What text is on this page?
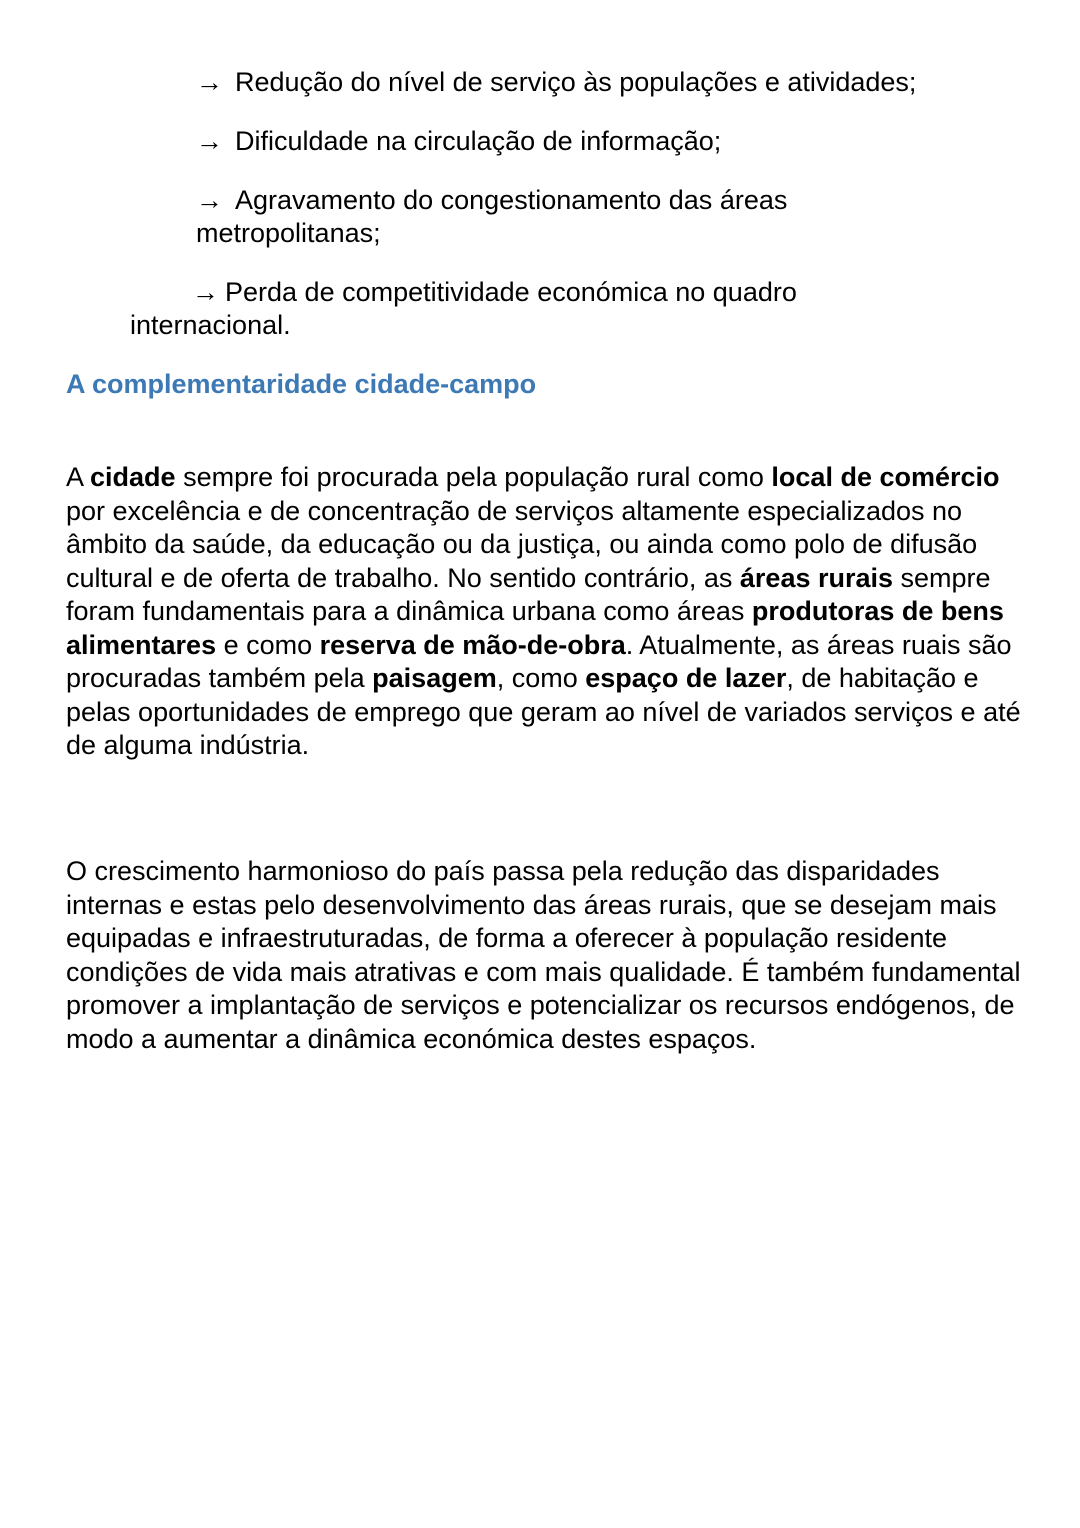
→ Redução do nível de serviço às populações e atividades;
→ Dificuldade na circulação de informação;
→ Agravamento do congestionamento das áreas
metropolitanas;
→ Perda de competitividade económica no quadro
internacional.
A complementaridade cidade-campo

A cidade sempre foi procurada pela população rural como local de comércio por excelência e de concentração de serviços altamente especializados no âmbito da saúde, da educação ou da justiça, ou ainda como polo de difusão cultural e de oferta de trabalho. No sentido contrário, as áreas rurais sempre foram fundamentais para a dinâmica urbana como áreas produtoras de bens alimentares e como reserva de mão-de-obra. Atualmente, as áreas ruais são procuradas também pela paisagem, como espaço de lazer, de habitação e pelas oportunidades de emprego que geram ao nível de variados serviços e até de alguma indústria.

O crescimento harmonioso do país passa pela redução das disparidades internas e estas pelo desenvolvimento das áreas rurais, que se desejam mais equipadas e infraestruturadas, de forma a oferecer à população residente condições de vida mais atrativas e com mais qualidade. É também fundamental promover a implantação de serviços e potencializar os recursos endógenos, de modo a aumentar a dinâmica económica destes espaços.
